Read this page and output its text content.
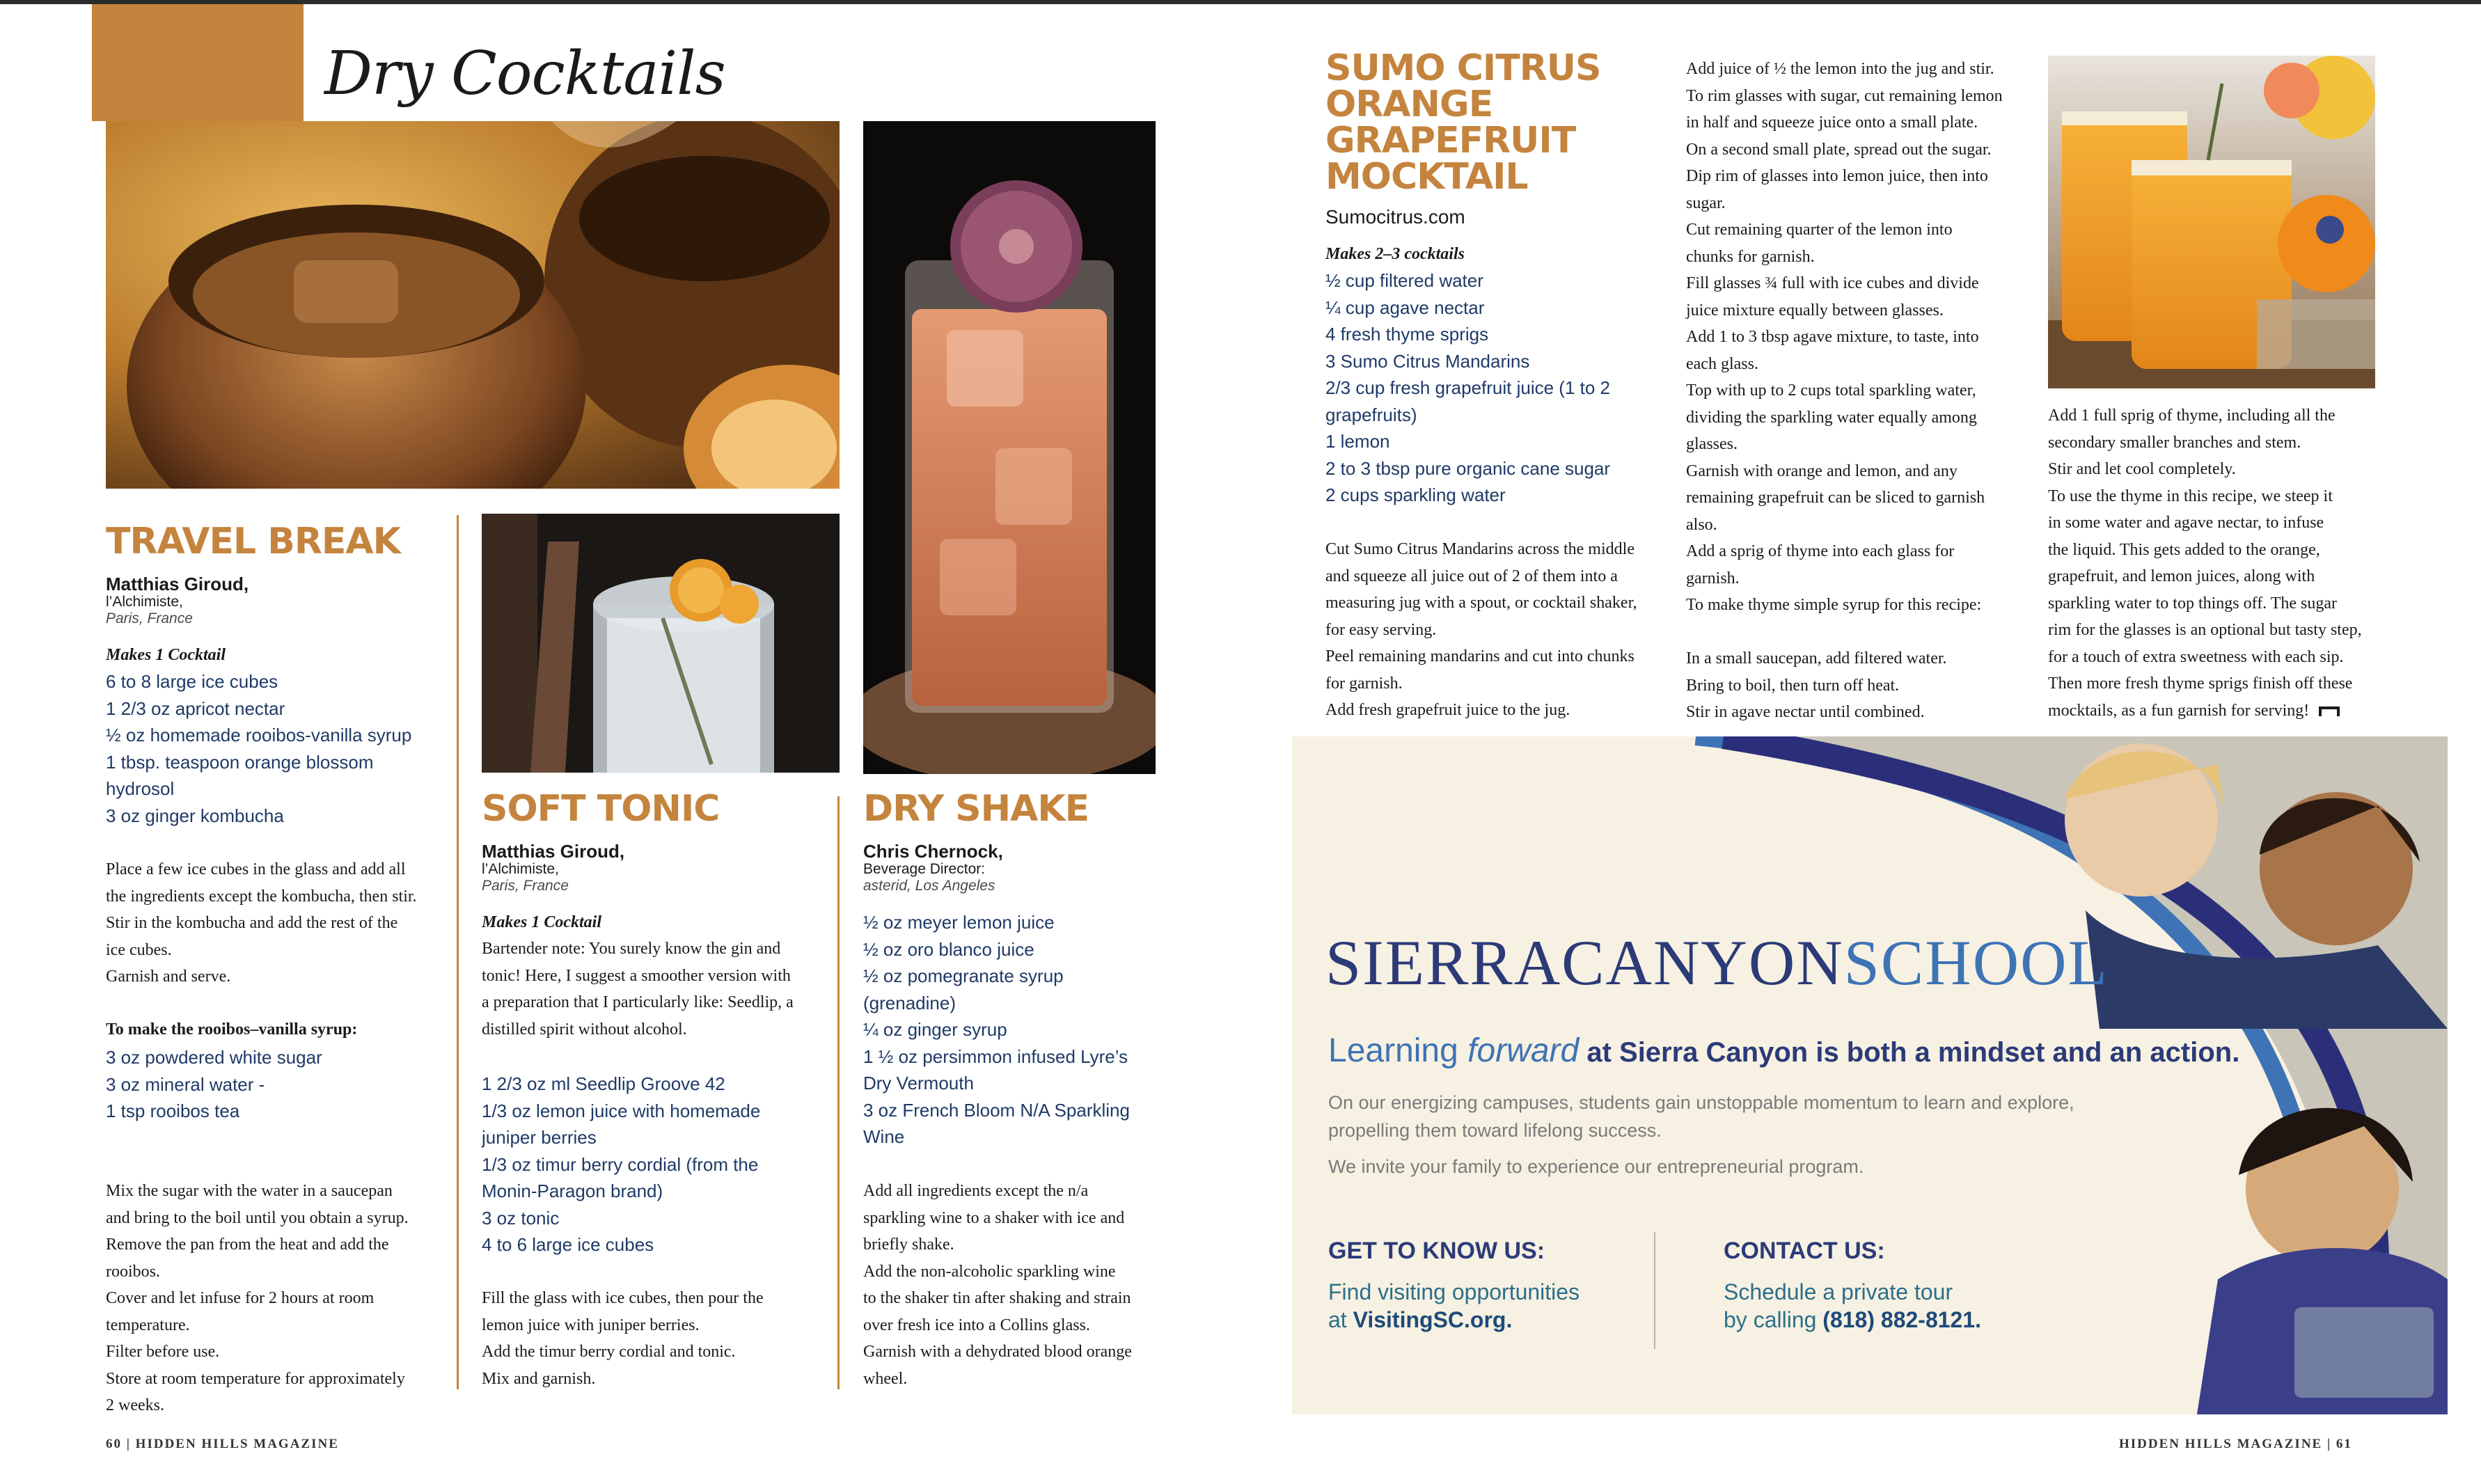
Dry Cocktails
TRAVEL BREAK
Matthias Giroud,
l’Alchimiste,
Paris, France
Makes 1 Cocktail
6 to 8 large ice cubes
1 2/3 oz apricot nectar
½ oz homemade rooibos-vanilla syrup
1 tbsp. teaspoon orange blossom
hydrosol
3 oz ginger kombucha
Place a few ice cubes in the glass and add all
the ingredients except the kombucha, then stir.
Stir in the kombucha and add the rest of the
ice cubes.
Garnish and serve.
To make the rooibos–vanilla syrup:
3 oz powdered white sugar
3 oz mineral water -
1 tsp rooibos tea
Mix the sugar with the water in a saucepan
and bring to the boil until you obtain a syrup.
Remove the pan from the heat and add the
rooibos.
Cover and let infuse for 2 hours at room
temperature.
Filter before use.
Store at room temperature for approximately
2 weeks.
SOFT TONIC
Matthias Giroud,
l’Alchimiste,
Paris, France
Makes 1 Cocktail
Bartender note: You surely know the gin and
tonic! Here, I suggest a smoother version with
a preparation that I particularly like: Seedlip, a
distilled spirit without alcohol.
1 2/3 oz ml Seedlip Groove 42
1/3 oz lemon juice with homemade
juniper berries
1/3 oz timur berry cordial (from the
Monin-Paragon brand)
3 oz tonic
4 to 6 large ice cubes
Fill the glass with ice cubes, then pour the
lemon juice with juniper berries.
Add the timur berry cordial and tonic.
Mix and garnish.
DRY SHAKE
Chris Chernock,
Beverage Director:
asterid, Los Angeles
½ oz meyer lemon juice
½ oz oro blanco juice
½ oz pomegranate syrup
(grenadine)
¼ oz ginger syrup
1 ½ oz persimmon infused Lyre’s
Dry Vermouth
3 oz French Bloom N/A Sparkling
Wine
Add all ingredients except the n/a
sparkling wine to a shaker with ice and
briefly shake.
Add the non-alcoholic sparkling wine
to the shaker tin after shaking and strain
over fresh ice into a Collins glass.
Garnish with a dehydrated blood orange
wheel.
60 | HIDDEN HILLS MAGAZINE
SUMO CITRUS
ORANGE
GRAPEFRUIT
MOCKTAIL
Sumocitrus.com
Makes 2–3 cocktails
½ cup filtered water
¼ cup agave nectar
4 fresh thyme sprigs
3 Sumo Citrus Mandarins
2/3 cup fresh grapefruit juice (1 to 2
grapefruits)
1 lemon
2 to 3 tbsp pure organic cane sugar
2 cups sparkling water
Cut Sumo Citrus Mandarins across the middle
and squeeze all juice out of 2 of them into a
measuring jug with a spout, or cocktail shaker,
for easy serving.
Peel remaining mandarins and cut into chunks
for garnish.
Add fresh grapefruit juice to the jug.
Add juice of ½ the lemon into the jug and stir.
To rim glasses with sugar, cut remaining lemon
in half and squeeze juice onto a small plate.
On a second small plate, spread out the sugar.
Dip rim of glasses into lemon juice, then into
sugar.
Cut remaining quarter of the lemon into
chunks for garnish.
Fill glasses ¾ full with ice cubes and divide
juice mixture equally between glasses.
Add 1 to 3 tbsp agave mixture, to taste, into
each glass.
Top with up to 2 cups total sparkling water,
dividing the sparkling water equally among
glasses.
Garnish with orange and lemon, and any
remaining grapefruit can be sliced to garnish
also.
Add a sprig of thyme into each glass for
garnish.
To make thyme simple syrup for this recipe:
In a small saucepan, add filtered water.
Bring to boil, then turn off heat.
Stir in agave nectar until combined.
Add 1 full sprig of thyme, including all the
secondary smaller branches and stem.
Stir and let cool completely.
To use the thyme in this recipe, we steep it
in some water and agave nectar, to infuse
the liquid. This gets added to the orange,
grapefruit, and lemon juices, along with
sparkling water to top things off. The sugar
rim for the glasses is an optional but tasty step,
for a touch of extra sweetness with each sip.
Then more fresh thyme sprigs finish off these
mocktails, as a fun garnish for serving!
SIERRACANYONSCHOOL
Learning forward at Sierra Canyon is both a mindset and an action.
On our energizing campuses, students gain unstoppable momentum to learn and explore,
propelling them toward lifelong success.
We invite your family to experience our entrepreneurial program.
GET TO KNOW US:
Find visiting opportunities
at VisitingSC.org.
CONTACT US:
Schedule a private tour
by calling (818) 882-8121.
HIDDEN HILLS MAGAZINE | 61
